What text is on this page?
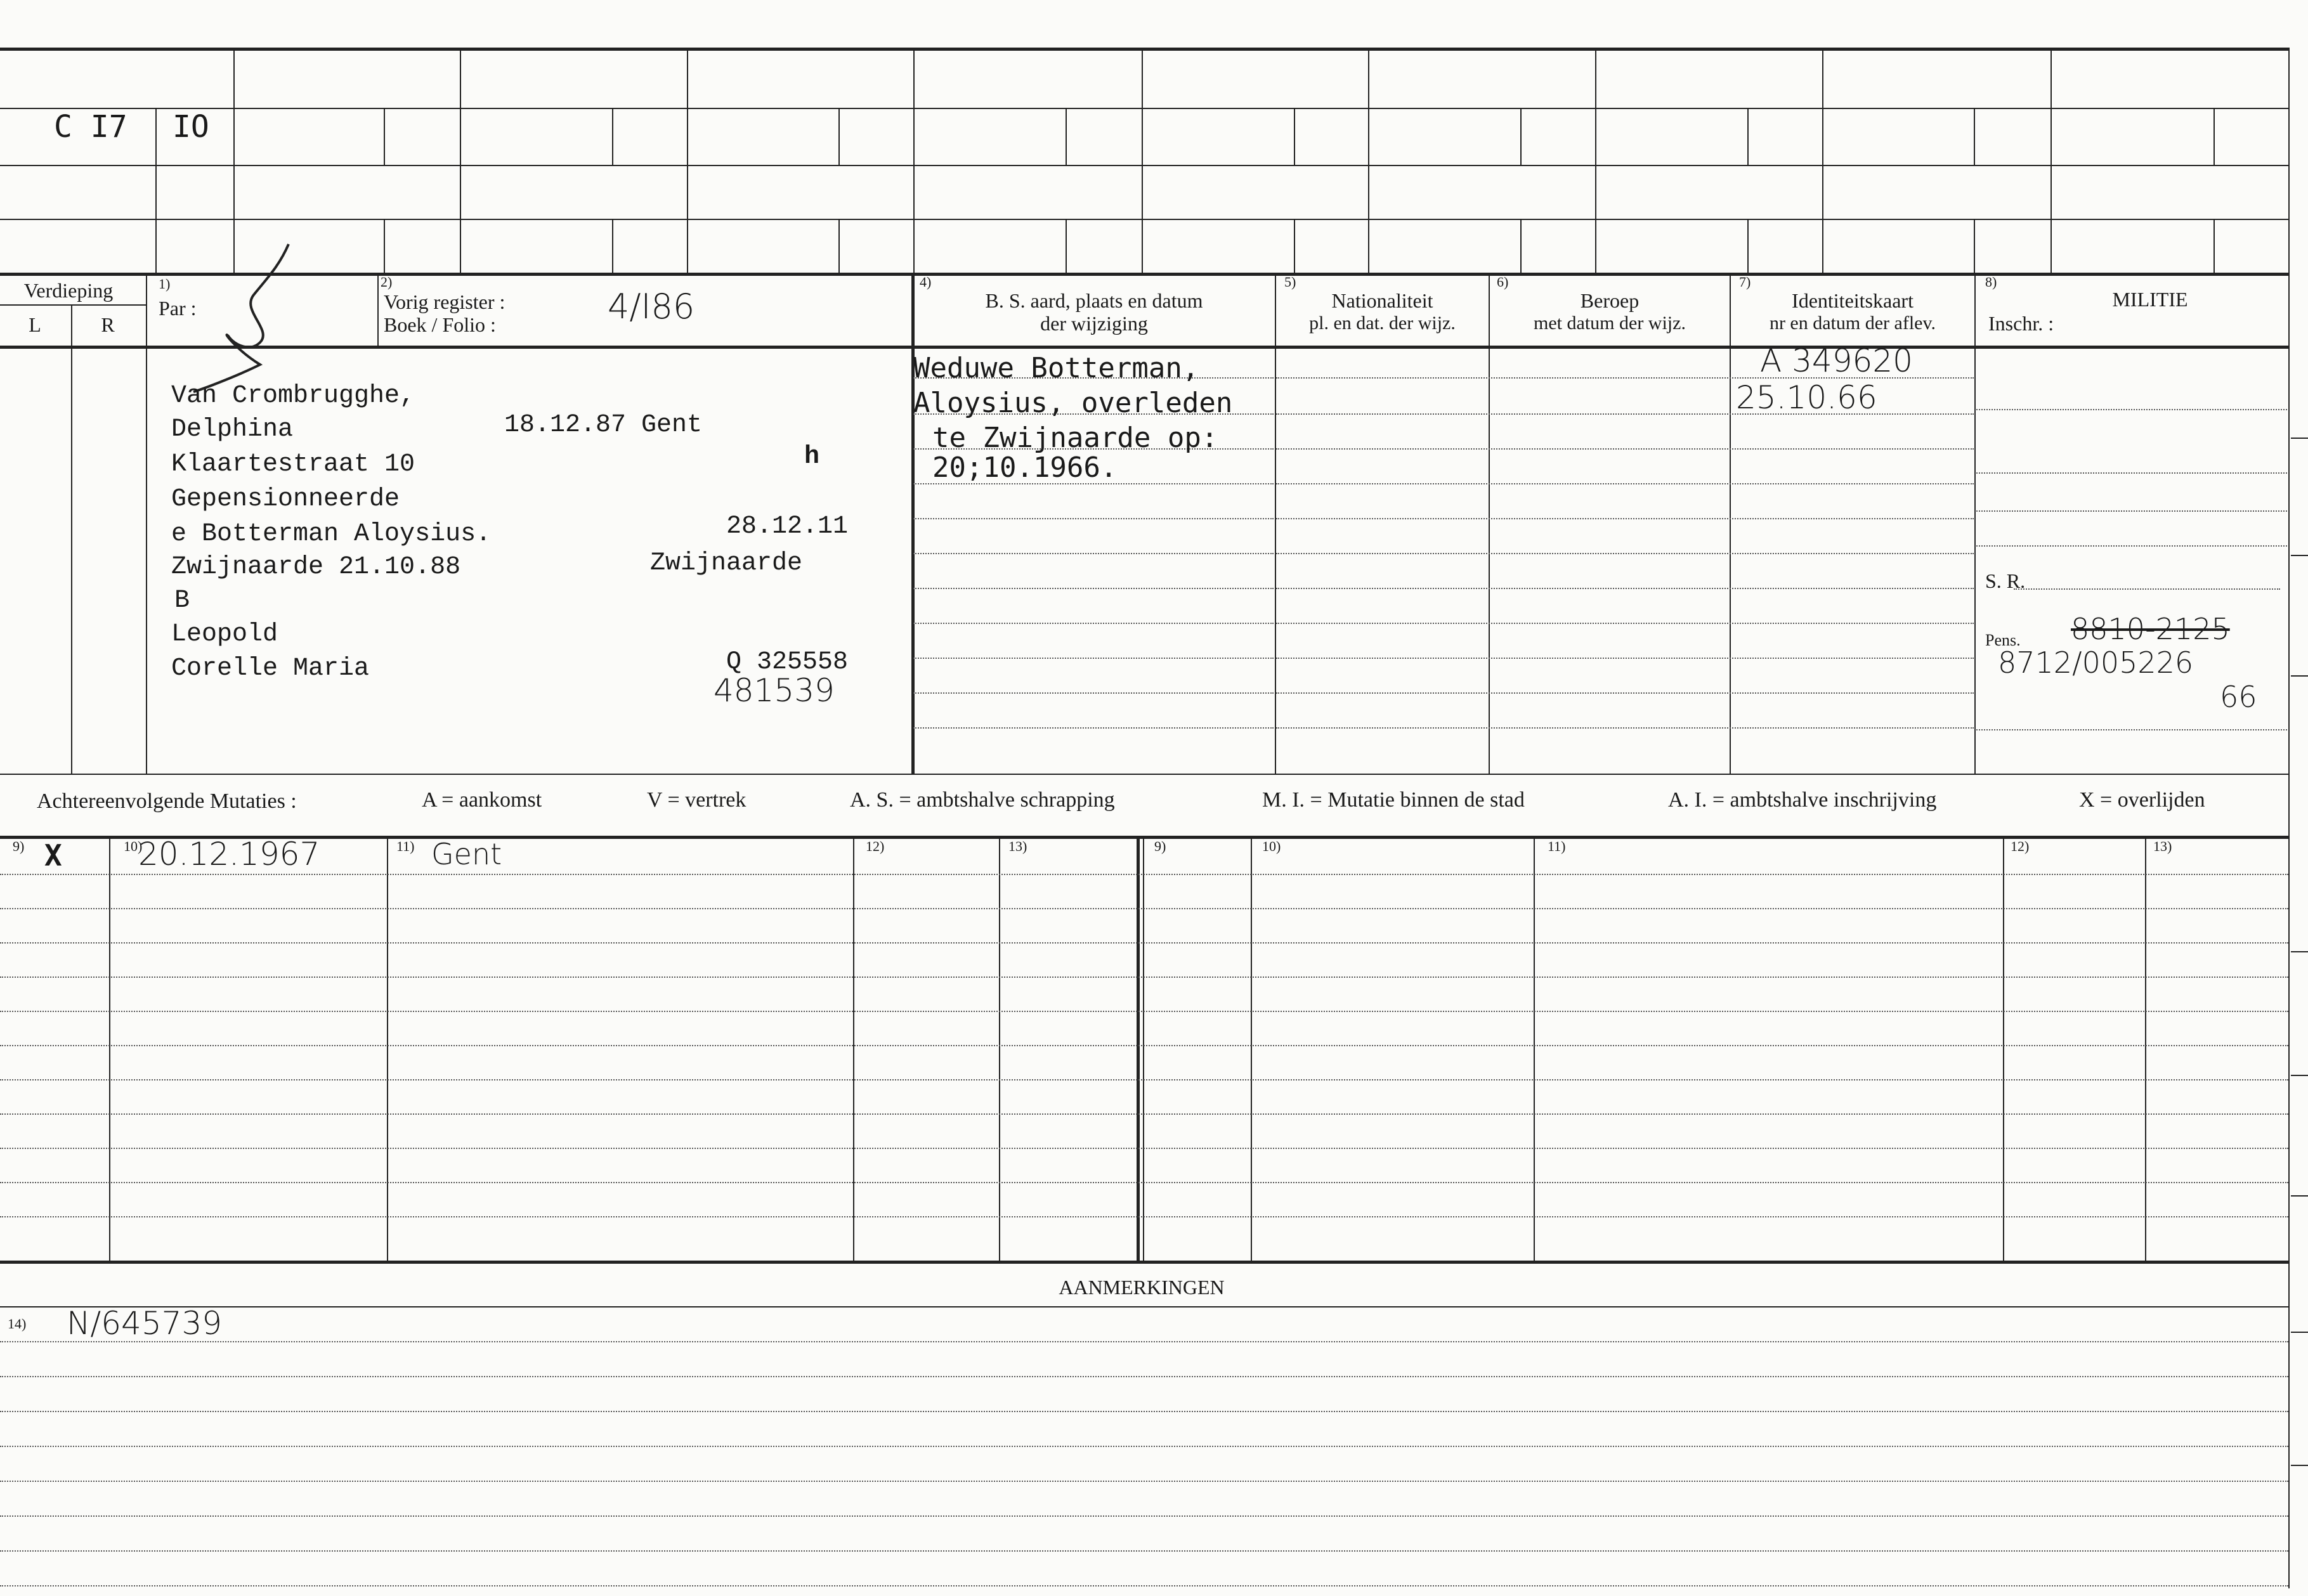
C I7 IO
Verdieping
L	R
1)
Par :
2)
Vorig register :
Boek / Folio :	4/I86
4)
B. S. aard, plaats en datum
der wijziging
5)
Nationaliteit
pl. en dat. der wijz.
6)
Beroep
met datum der wijz.
7)
Identiteitskaart
nr en datum der aflev.
8)
MILITIE
Inschr. :
Van Crombrugghe,
Delphina	18.12.87 Gent
h
Klaartestraat 10
Gepensionneerde
e Botterman Aloysius.	28.12.11
Zwijnaarde 21.10.88	Zwijnaarde
B
Leopold
Corelle Maria	Q 325558
481539
Weduwe Botterman,
Aloysius, overleden
te Zwijnaarde op:
20;10.1966.
A 349620
25.10.66
S. R.
Pens. 8810-2125
8712/005226
66
Achtereenvolgende Mutaties :	A = aankomst	V = vertrek	A. S. = ambtshalve schrapping	M. I. = Mutatie binnen de stad	A. I. = ambtshalve inschrijving	X = overlijden
9)	10)	11)	12)	13)	9)	10)	11)	12)	13)
X 20.12.1967	Gent
AANMERKINGEN
14) N/645739
